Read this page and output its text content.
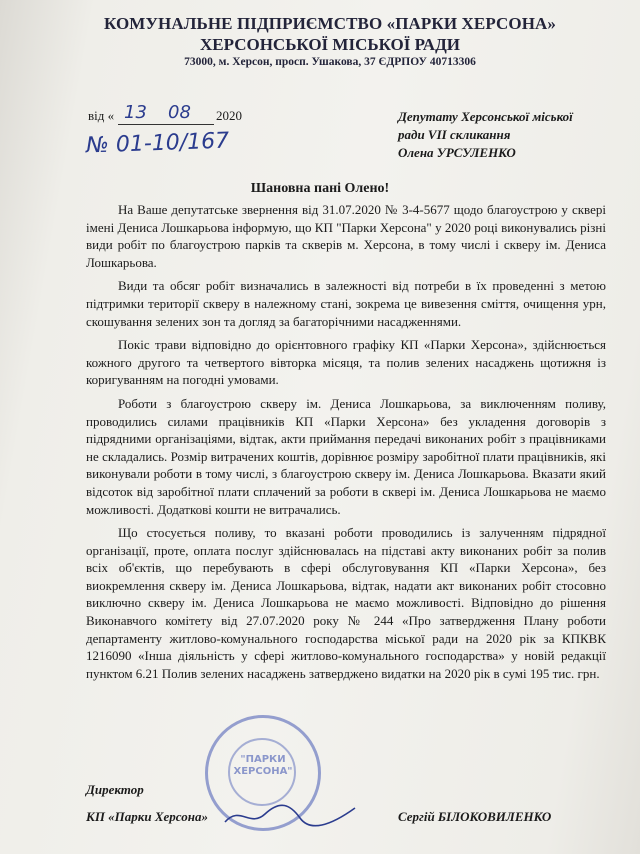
КОМУНАЛЬНЕ ПІДПРИЄМСТВО «ПАРКИ ХЕРСОНА»
ХЕРСОНСЬКОЇ МІСЬКОЇ РАДИ
73000, м. Херсон, просп. Ушакова, 37 ЄДРПОУ 40713306
від « 13 08 2020
№ 01-10/167
Депутату Херсонської міської
ради VII скликання
Олена УРСУЛЕНКО
Шановна пані Олено!

На Ваше депутатське звернення від 31.07.2020 № 3-4-5677 щодо благоустрою у сквері імені Дениса Лошкарьова інформую, що КП "Парки Херсона" у 2020 році виконувались різні види робіт по благоустрою парків та скверів м. Херсона, в тому числі і скверу ім. Дениса Лошкарьова.

Види та обсяг робіт визначались в залежності від потреби в їх проведенні з метою підтримки території скверу в належному стані, зокрема це вивезення сміття, очищення урн, скошування зелених зон та догляд за багаторічними насадженнями.

Покіс трави відповідно до орієнтовного графіку КП «Парки Херсона», здійснюється кожного другого та четвертого вівторка місяця, та полив зелених насаджень щотижня із коригуванням на погодні умовами.

Роботи з благоустрою скверу ім. Дениса Лошкарьова, за виключенням поливу, проводились силами працівників КП «Парки Херсона» без укладення договорів з підрядними організаціями, відтак, акти приймання передачі виконаних робіт з працівниками не складались. Розмір витрачених коштів, дорівнює розміру заробітної плати працівників, які виконували роботи в тому числі, з благоустрою скверу ім. Дениса Лошкарьова. Вказати який відсоток від заробітної плати сплачений за роботи в сквері ім. Дениса Лошкарьова не маємо можливості. Додаткові кошти не витрачались.

Що стосується поливу, то вказані роботи проводились із залученням підрядної організації, проте, оплата послуг здійснювалась на підставі акту виконаних робіт за полив всіх об'єктів, що перебувають в сфері обслуговування КП «Парки Херсона», без виокремлення скверу ім. Дениса Лошкарьова, відтак, надати акт виконаних робіт стосовно виключно скверу ім. Дениса Лошкарьова не маємо можливості. Відповідно до рішення Виконавчого комітету від 27.07.2020 року № 244 «Про затвердження Плану роботи департаменту житлово-комунального господарства міської ради на 2020 рік за КПКВК 1216090 «Інша діяльність у сфері житлово-комунального господарства» у новій редакції пунктом 6.21 Полив зелених насаджень затверджено видатки на 2020 рік в сумі 195 тис. грн.

"ПАРКИ
ХЕРСОНА"
Директор
КП «Парки Херсона»	Сергій БІЛОКОВИЛЕНКО
